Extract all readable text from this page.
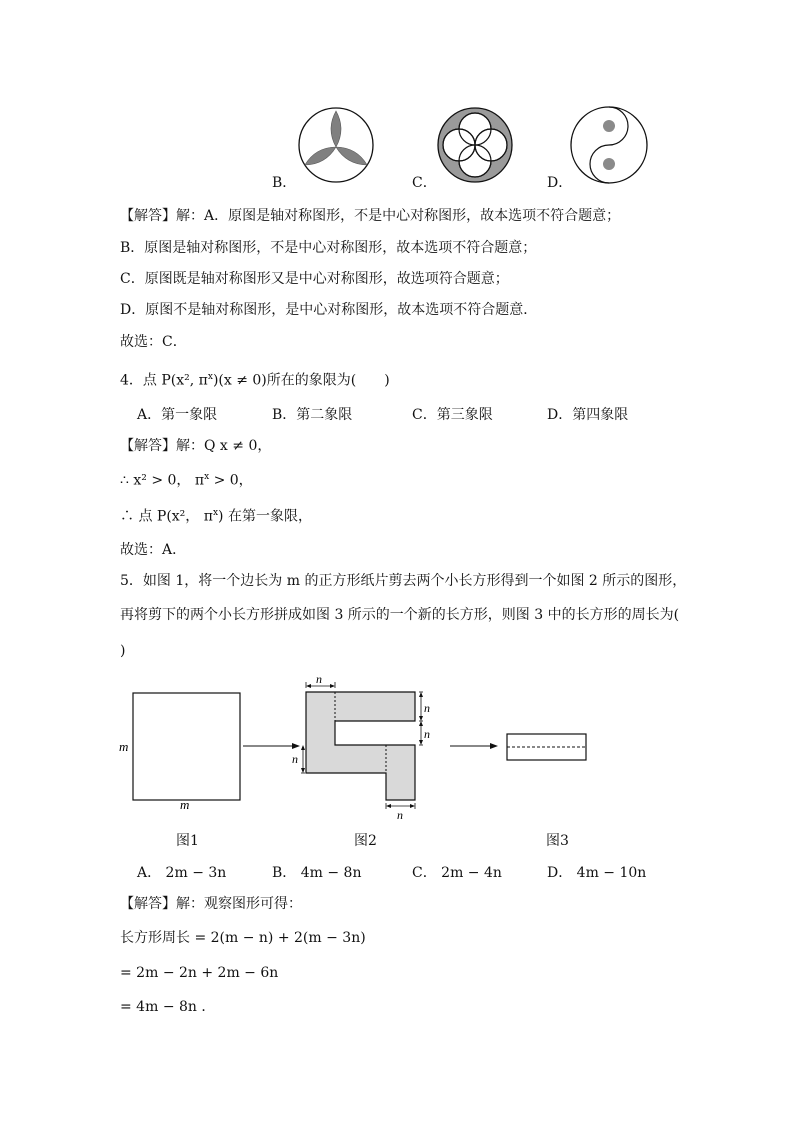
B．	C．	D．
【解答】解：A．原图是轴对称图形，不是中心对称图形，故本选项不符合题意；
B．原图是轴对称图形，不是中心对称图形，故本选项不符合题意；
C．原图既是轴对称图形又是中心对称图形，故选项符合题意；
D．原图不是轴对称图形，是中心对称图形，故本选项不符合题意．
故选：C．
4．点 P(x², $\pi^x)(x \ne 0)$所在的象限为(　　)
A．第一象限	B．第二象限	C．第三象限	D．第四象限
【解答】解：Q x ≠ 0，
∴ x² > 0， $\pi^x > 0$，
∴ 点 P(x²， $\pi^x$) 在第一象限，
故选：A．
5．如图 1，将一个边长为 m 的正方形纸片剪去两个小长方形得到一个如图 2 所示的图形，
再将剪下的两个小长方形拼成如图 3 所示的一个新的长方形，则图 3 中的长方形的周长为(
)
m
m
n
n
n
n
n
图1	图2	图3
A． 2m − 3n	B． 4m − 8n	C． 2m − 4n	D． 4m − 10n
【解答】解：观察图形可得：
长方形周长 = 2(m − n) + 2(m − 3n)
= 2m − 2n + 2m − 6n
= 4m − 8n ．
